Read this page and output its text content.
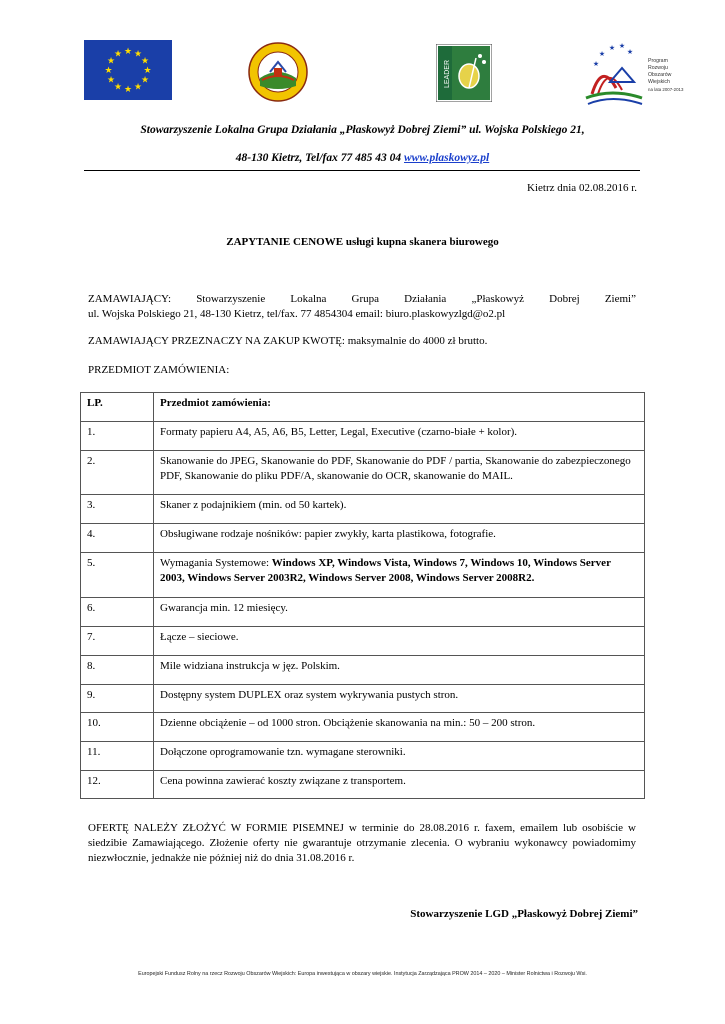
★ ★
★
★
★
★
★
★
★
★
★
★
LEADER
★ ★
★	★
★	Program
Rozwoju
Obszarów
Wiejskich
na lata 2007-2013
Stowarzyszenie Lokalna Grupa Działania „Płaskowyż Dobrej Ziemi” ul. Wojska Polskiego 21,
48-130 Kietrz, Tel/fax 77 485 43 04 www.plaskowyz.pl
Kietrz dnia 02.08.2016 r.
ZAPYTANIE CENOWE usługi kupna skanera biurowego
ZAMAWIAJĄCY: Stowarzyszenie Lokalna Grupa Działania „Płaskowyż Dobrej Ziemi”
ul. Wojska Polskiego 21, 48-130 Kietrz, tel/fax. 77 4854304 email: biuro.plaskowyzlgd@o2.pl
ZAMAWIAJĄCY PRZEZNACZY NA ZAKUP KWOTĘ: maksymalnie do 4000 zł brutto.
PRZEDMIOT ZAMÓWIENIA:
LP.	Przedmiot zamówienia:
1.	Formaty papieru A4, A5, A6, B5, Letter, Legal, Executive (czarno-białe + kolor).
2.	Skanowanie do JPEG, Skanowanie do PDF, Skanowanie do PDF / partia, Skanowanie do zabezpieczonego PDF, Skanowanie do pliku PDF/A, skanowanie do OCR, skanowanie do MAIL.
3.	Skaner z podajnikiem (min. od 50 kartek).
4.	Obsługiwane rodzaje nośników: papier zwykły, karta plastikowa, fotografie.
5.	Wymagania Systemowe: Windows XP, Windows Vista, Windows 7, Windows 10, Windows Server 2003, Windows Server 2003R2, Windows Server 2008, Windows Server 2008R2.
6.	Gwarancja min. 12 miesięcy.
7.	Łącze – sieciowe.
8.	Mile widziana instrukcja w jęz. Polskim.
9.	Dostępny system DUPLEX oraz system wykrywania pustych stron.
10.	Dzienne obciążenie – od 1000 stron. Obciążenie skanowania na min.: 50 – 200 stron.
11.	Dołączone oprogramowanie tzn. wymagane sterowniki.
12.	Cena powinna zawierać koszty związane z transportem.
OFERTĘ NALEŻY ZŁOŻYĆ W FORMIE PISEMNEJ w terminie do 28.08.2016 r. faxem, emailem lub osobiście w siedzibie Zamawiającego. Złożenie oferty nie gwarantuje otrzymanie zlecenia. O wybraniu wykonawcy powiadomimy niezwłocznie, jednakże nie później niż do dnia 31.08.2016 r.
Stowarzyszenie LGD „Płaskowyż Dobrej Ziemi”
Europejski Fundusz Rolny na rzecz Rozwoju Obszarów Wiejskich: Europa inwestująca w obszary wiejskie. Instytucja Zarządzająca PROW 2014 – 2020 – Minister Rolnictwa i Rozwoju Wsi.
